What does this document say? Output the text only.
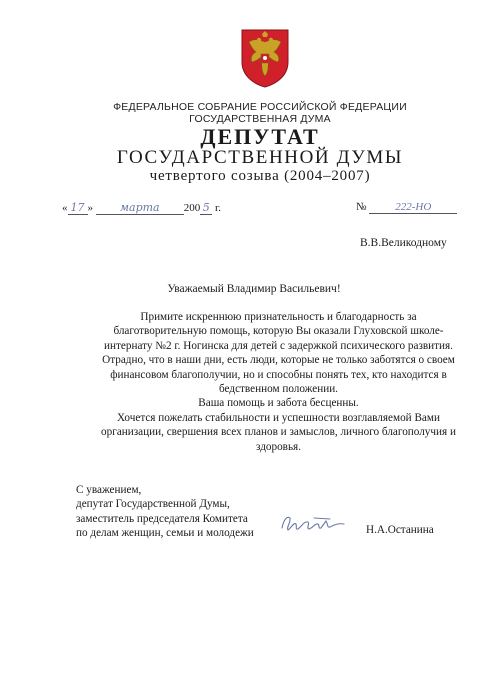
ФЕДЕРАЛЬНОЕ СОБРАНИЕ РОССИЙСКОЙ ФЕДЕРАЦИИ
ГОСУДАРСТВЕННАЯ ДУМА
ДЕПУТАТ
ГОСУДАРСТВЕННОЙ ДУМЫ
четвертого созыва (2004–2007)
« 17 » марта 200 5 г.	№	222-НО
В.В.Великодному
Уважаемый Владимир Васильевич!

Примите искреннюю признательность и благодарность за

благотворительную помощь, которую Вы оказали Глуховской школе-

интернату №2 г. Ногинска для детей с задержкой психического развития.

Отрадно, что в наши дни, есть люди, которые не только заботятся о своем

финансовом благополучии, но и способны понять тех, кто находится в

бедственном положении.

Ваша помощь и забота бесценны.

Хочется пожелать стабильности и успешности возглавляемой Вами

организации, свершения всех планов и замыслов, личного благополучия и

здоровья.

С уважением,

депутат Государственной Думы,

заместитель председателя Комитета

по делам женщин, семьи и молодежи	Н.А.Останина
